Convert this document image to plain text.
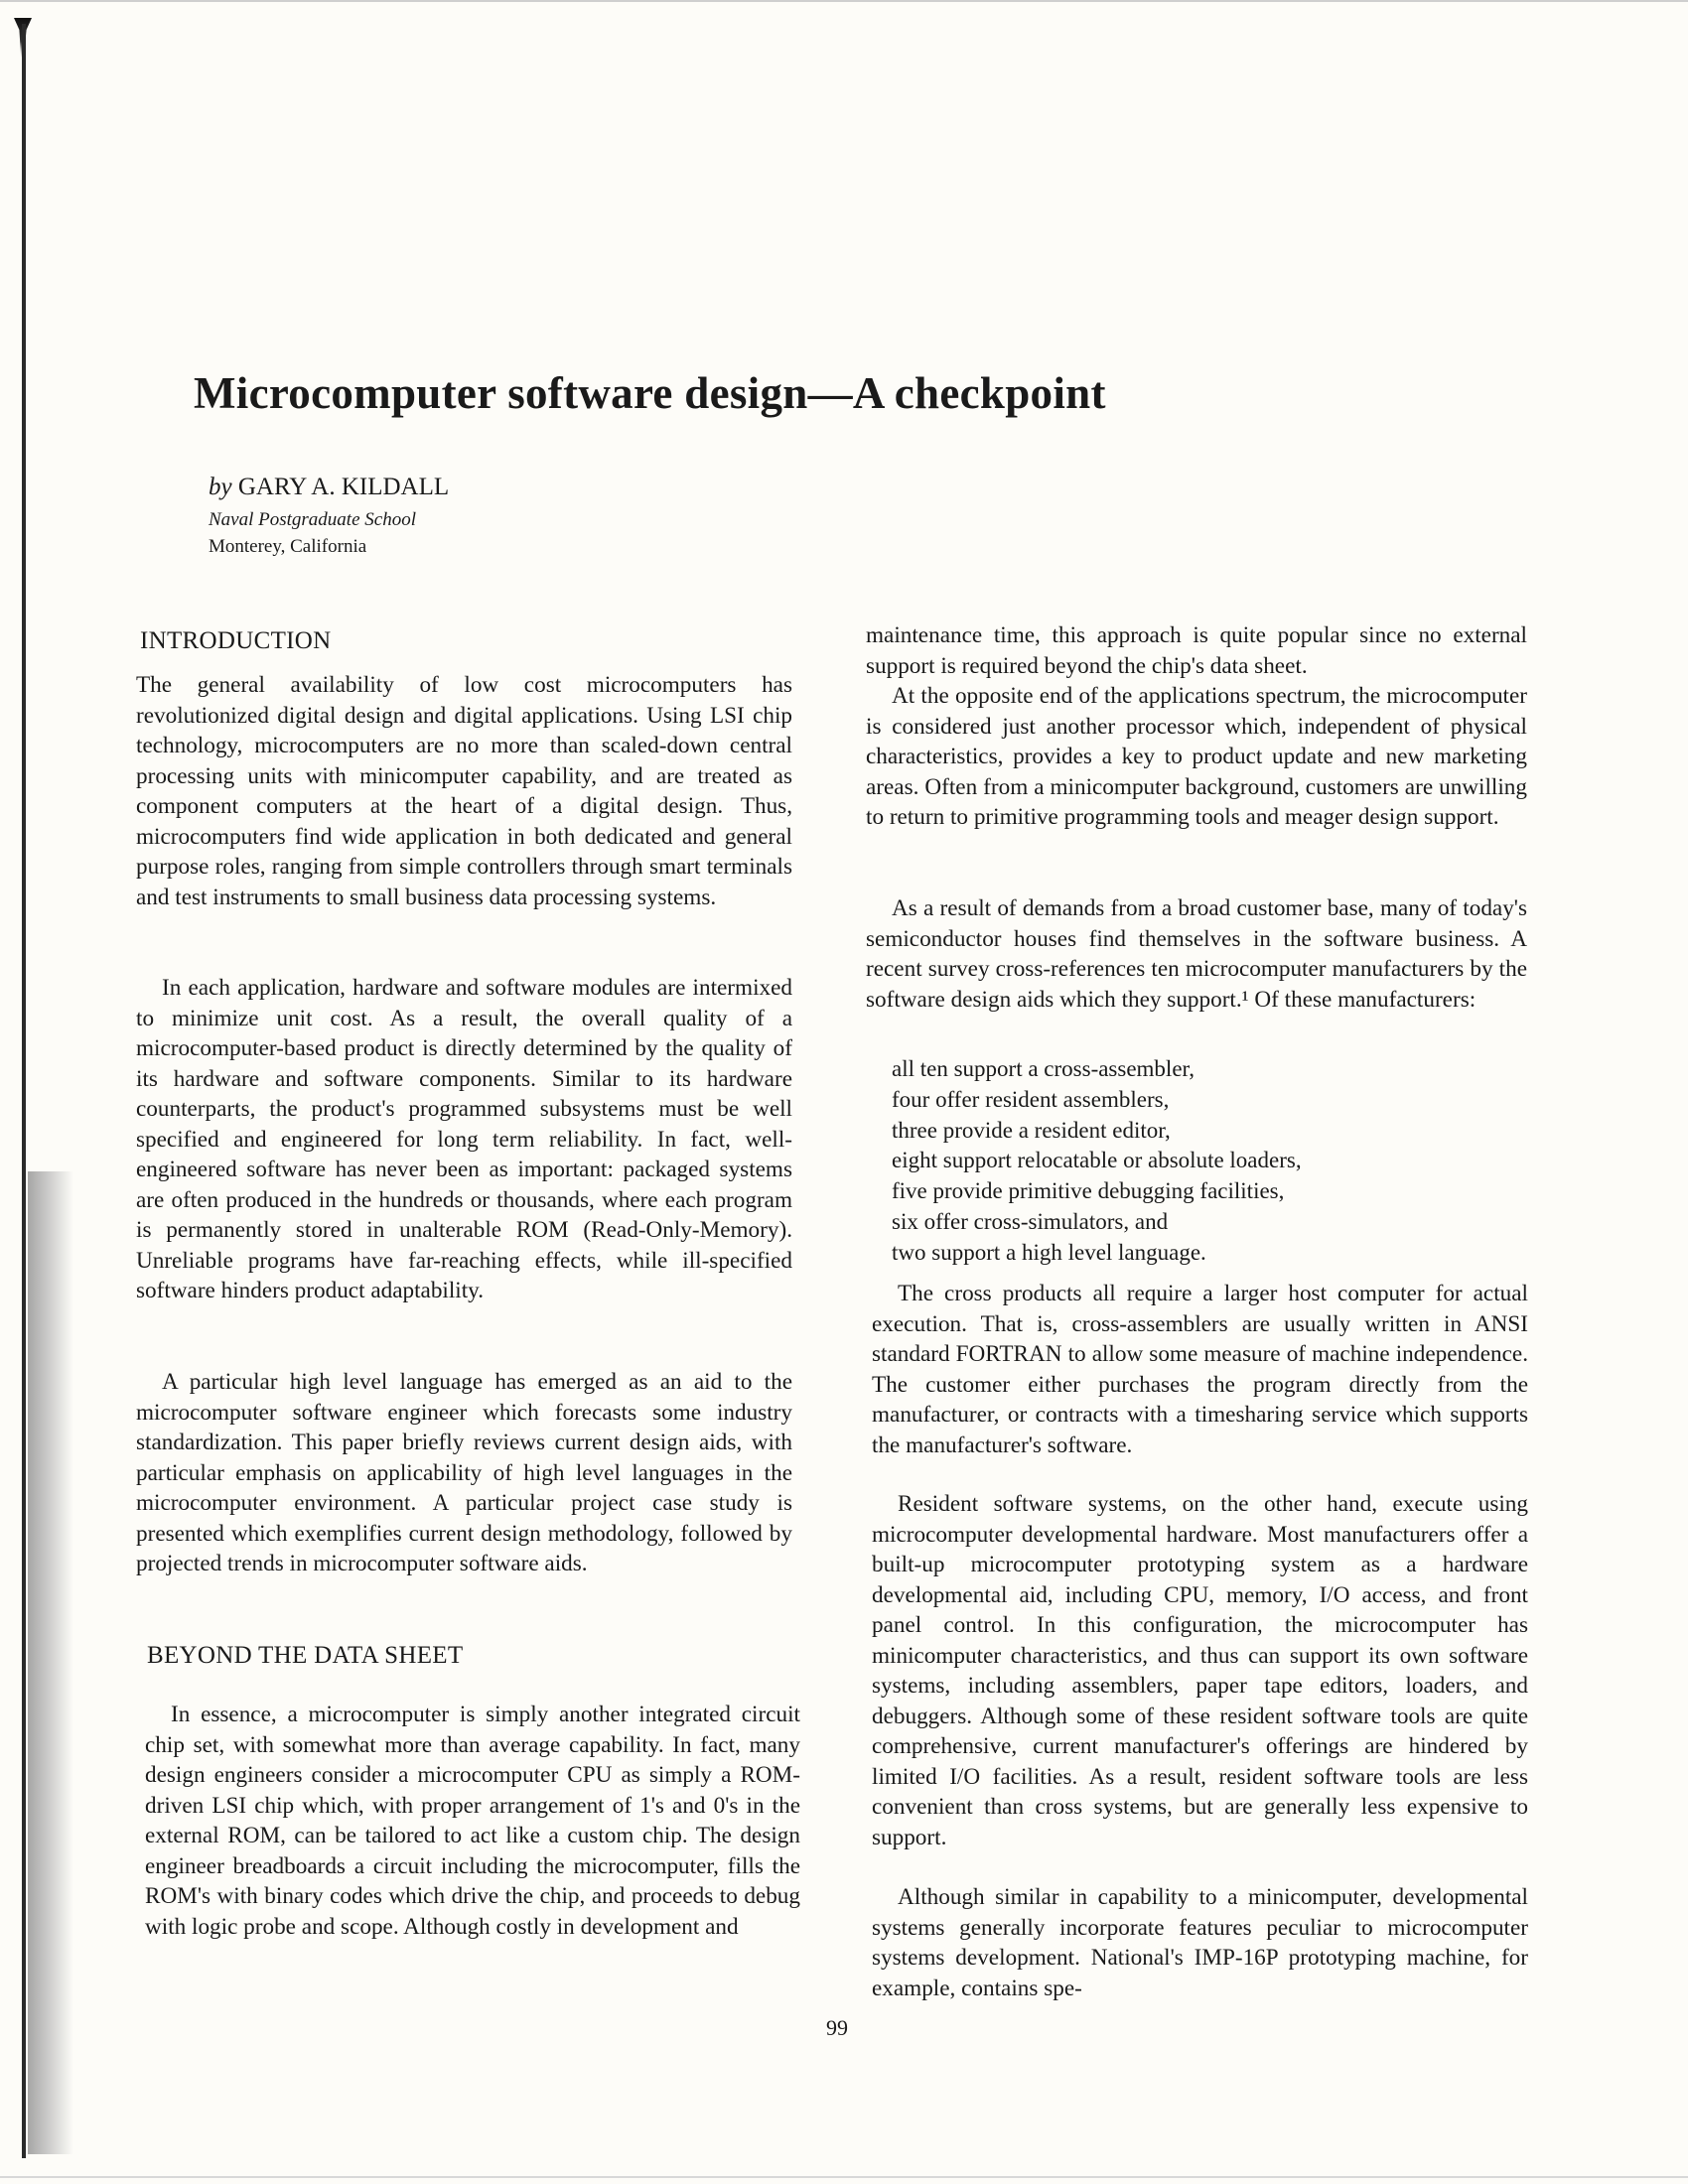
Microcomputer software design—A checkpoint
by GARY A. KILDALL
Naval Postgraduate School
Monterey, California
INTRODUCTION

The general availability of low cost microcomputers has revolutionized digital design and digital applications. Using LSI chip technology, microcomputers are no more than scaled-down central processing units with minicomputer capability, and are treated as component computers at the heart of a digital design. Thus, microcomputers find wide application in both dedicated and general purpose roles, ranging from simple controllers through smart terminals and test instruments to small business data processing systems.

In each application, hardware and software modules are intermixed to minimize unit cost. As a result, the overall quality of a microcomputer-based product is directly determined by the quality of its hardware and software components. Similar to its hardware counterparts, the product's programmed subsystems must be well specified and engineered for long term reliability. In fact, well-engineered software has never been as important: packaged systems are often produced in the hundreds or thousands, where each program is permanently stored in unalterable ROM (Read-Only-Memory). Unreliable programs have far-reaching effects, while ill-specified software hinders product adaptability.

A particular high level language has emerged as an aid to the microcomputer software engineer which forecasts some industry standardization. This paper briefly reviews current design aids, with particular emphasis on applicability of high level languages in the microcomputer environment. A particular project case study is presented which exemplifies current design methodology, followed by projected trends in microcomputer software aids.

BEYOND THE DATA SHEET

In essence, a microcomputer is simply another integrated circuit chip set, with somewhat more than average capability. In fact, many design engineers consider a microcomputer CPU as simply a ROM-driven LSI chip which, with proper arrangement of 1's and 0's in the external ROM, can be tailored to act like a custom chip. The design engineer breadboards a circuit including the microcomputer, fills the ROM's with binary codes which drive the chip, and proceeds to debug with logic probe and scope. Although costly in development and

maintenance time, this approach is quite popular since no external support is required beyond the chip's data sheet.

At the opposite end of the applications spectrum, the microcomputer is considered just another processor which, independent of physical characteristics, provides a key to product update and new marketing areas. Often from a minicomputer background, customers are unwilling to return to primitive programming tools and meager design support.

As a result of demands from a broad customer base, many of today's semiconductor houses find themselves in the software business. A recent survey cross-references ten microcomputer manufacturers by the software design aids which they support.¹ Of these manufacturers:

all ten support a cross-assembler,
four offer resident assemblers,
three provide a resident editor,
eight support relocatable or absolute loaders,
five provide primitive debugging facilities,
six offer cross-simulators, and
two support a high level language.

The cross products all require a larger host computer for actual execution. That is, cross-assemblers are usually written in ANSI standard FORTRAN to allow some measure of machine independence. The customer either purchases the program directly from the manufacturer, or contracts with a timesharing service which supports the manufacturer's software.

Resident software systems, on the other hand, execute using microcomputer developmental hardware. Most manufacturers offer a built-up microcomputer prototyping system as a hardware developmental aid, including CPU, memory, I/O access, and front panel control. In this configuration, the microcomputer has minicomputer characteristics, and thus can support its own software systems, including assemblers, paper tape editors, loaders, and debuggers. Although some of these resident software tools are quite comprehensive, current manufacturer's offerings are hindered by limited I/O facilities. As a result, resident software tools are less convenient than cross systems, but are generally less expensive to support.

Although similar in capability to a minicomputer, developmental systems generally incorporate features peculiar to microcomputer systems development. National's IMP-16P prototyping machine, for example, contains spe-

99
